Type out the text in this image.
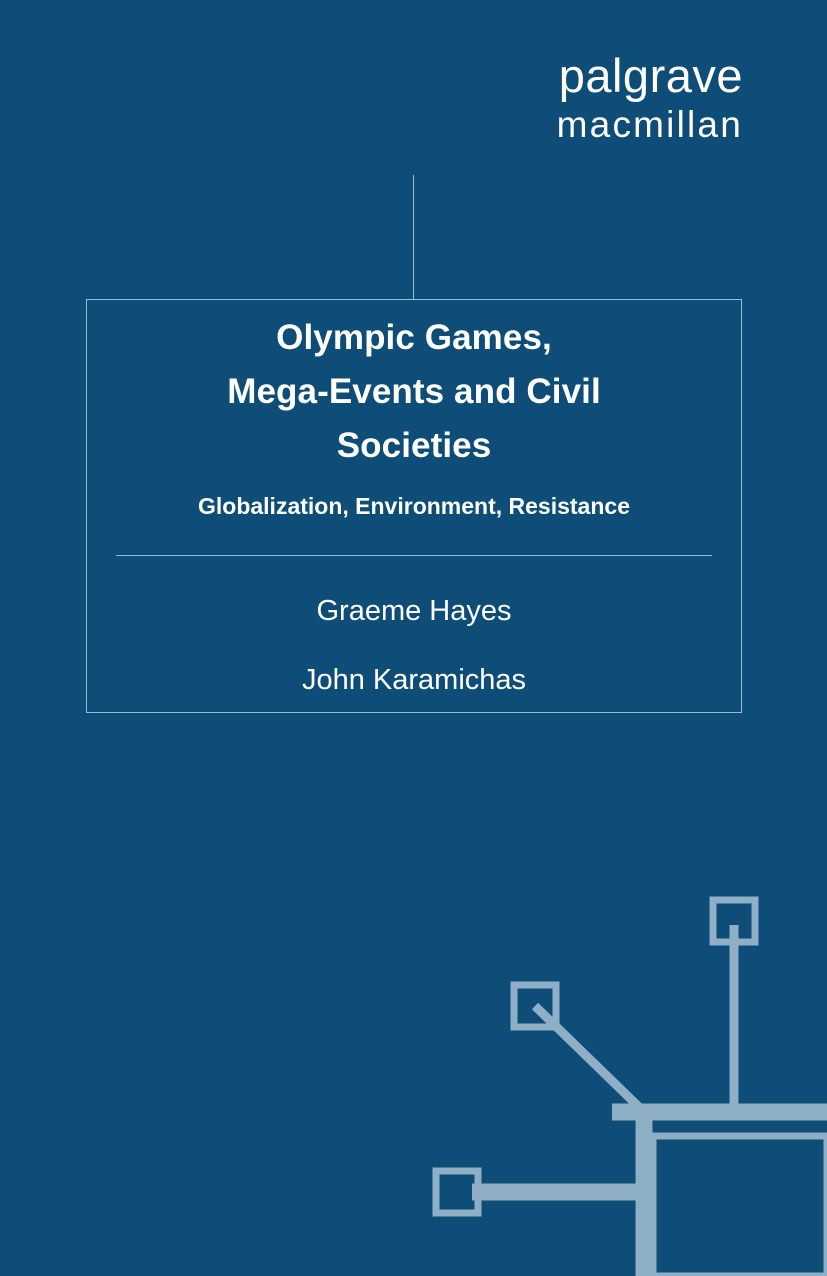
palgrave
macmillan
Olympic Games,
Mega-Events and Civil
Societies
Globalization, Environment, Resistance

Graeme Hayes

John Karamichas
